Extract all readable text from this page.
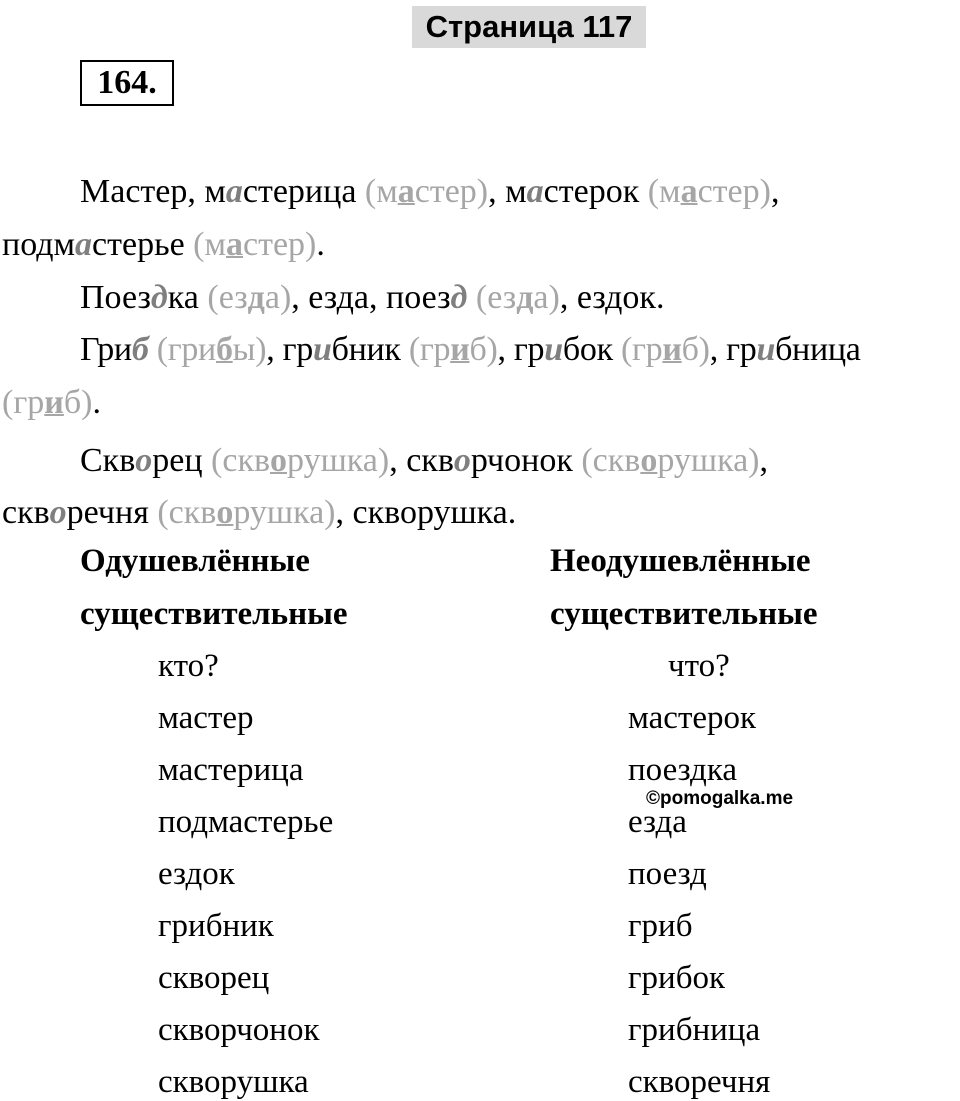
Страница 117
164.
Мастер, мастерица (мастер), мастерок (мастер),
подмастерье (мастер).
Поездка (езда), езда, поезд (езда), ездок.
Гриб (грибы), грибник (гриб), грибок (гриб), грибница
(гриб).
Скворец (скворушка), скворчонок (скворушка),
скворечня (скворушка), скворушка.
Одушевлённые
существительные
Неодушевлённые
существительные
кто?	что?
мастер
мастерица
подмастерье
ездок
грибник
скворец
скворчонок
скворушка
мастерок
поездка
езда
поезд
гриб
грибок
грибница
скворечня
©pomogalka.me
